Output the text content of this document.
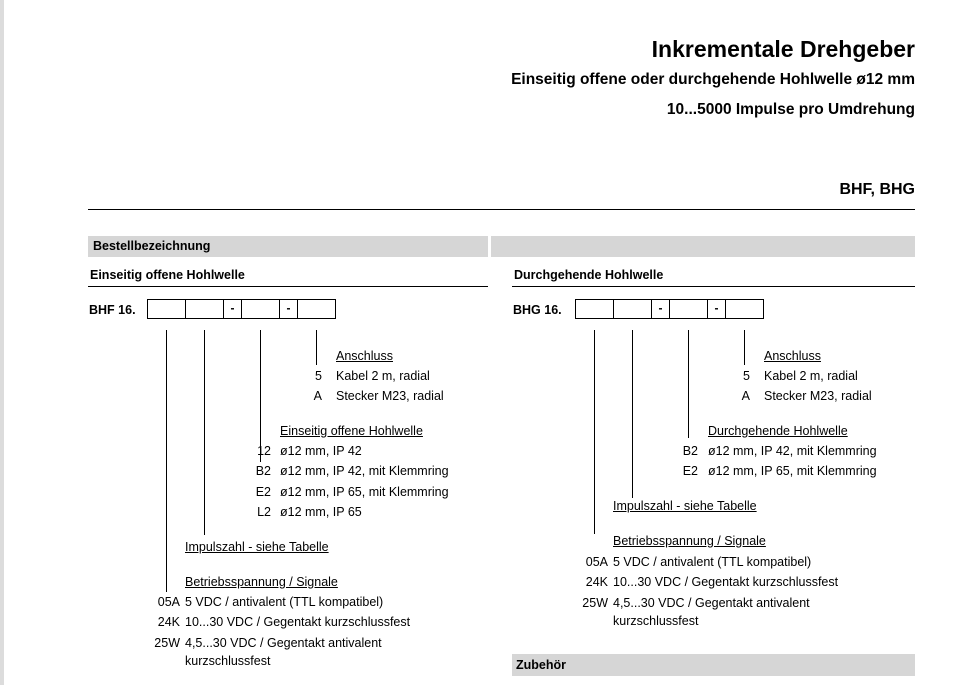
Inkrementale Drehgeber
Einseitig offene oder durchgehende Hohlwelle ø12 mm
10...5000 Impulse pro Umdrehung
BHF, BHG
Bestellbezeichnung
Einseitig offene Hohlwelle
BHF 16.	-	-
Anschluss
5 Kabel 2 m, radial
A Stecker M23, radial
Einseitig offene Hohlwelle
12 ø12 mm, IP 42
B2 ø12 mm, IP 42, mit Klemmring
E2 ø12 mm, IP 65, mit Klemmring
L2 ø12 mm, IP 65
Impulszahl - siehe Tabelle
Betriebsspannung / Signale
05A 5 VDC / antivalent (TTL kompatibel)
24K 10...30 VDC / Gegentakt kurzschlussfest
25W 4,5...30 VDC / Gegentakt antivalent
kurzschlussfest
Durchgehende Hohlwelle
BHG 16.	-	-
Anschluss
5 Kabel 2 m, radial
A Stecker M23, radial
Durchgehende Hohlwelle
B2 ø12 mm, IP 42, mit Klemmring
E2 ø12 mm, IP 65, mit Klemmring
Impulszahl - siehe Tabelle
Betriebsspannung / Signale
05A 5 VDC / antivalent (TTL kompatibel)
24K 10...30 VDC / Gegentakt kurzschlussfest
25W 4,5...30 VDC / Gegentakt antivalent
kurzschlussfest
Zubehör
